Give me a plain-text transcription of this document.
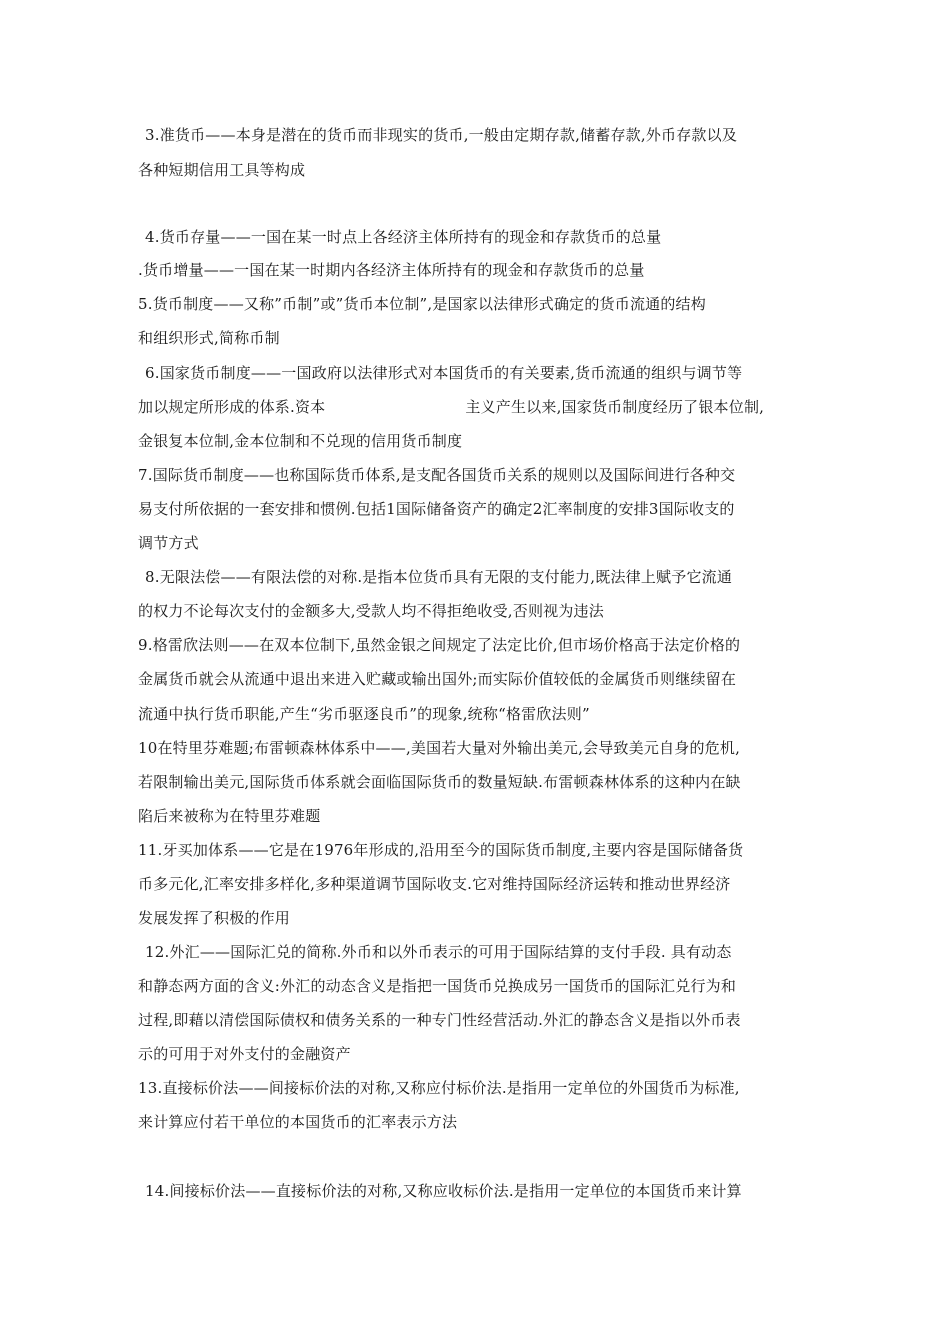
3.准货币——本身是潜在的货币而非现实的货币,一般由定期存款,储蓄存款,外币存款以及
各种短期信用工具等构成
4.货币存量——一国在某一时点上各经济主体所持有的现金和存款货币的总量
.货币增量——一国在某一时期内各经济主体所持有的现金和存款货币的总量
5.货币制度——又称”币制”或”货币本位制”,是国家以法律形式确定的货币流通的结构
和组织形式,简称币制
6.国家货币制度——一国政府以法律形式对本国货币的有关要素,货币流通的组织与调节等
加以规定所形成的体系.资本	主义产生以来,国家货币制度经历了银本位制,
金银复本位制,金本位制和不兑现的信用货币制度
7.国际货币制度——也称国际货币体系,是支配各国货币关系的规则以及国际间进行各种交
易支付所依据的一套安排和惯例.包括1国际储备资产的确定2汇率制度的安排3国际收支的
调节方式
8.无限法偿——有限法偿的对称.是指本位货币具有无限的支付能力,既法律上赋予它流通
的权力不论每次支付的金额多大,受款人均不得拒绝收受,否则视为违法
9.格雷欣法则——在双本位制下,虽然金银之间规定了法定比价,但市场价格高于法定价格的
金属货币就会从流通中退出来进入贮藏或输出国外;而实际价值较低的金属货币则继续留在
流通中执行货币职能,产生“劣币驱逐良币”的现象,统称“格雷欣法则”
10在特里芬难题;布雷顿森林体系中——,美国若大量对外输出美元,会导致美元自身的危机,
若限制输出美元,国际货币体系就会面临国际货币的数量短缺.布雷顿森林体系的这种内在缺
陷后来被称为在特里芬难题
11.牙买加体系——它是在1976年形成的,沿用至今的国际货币制度,主要内容是国际储备货
币多元化,汇率安排多样化,多种渠道调节国际收支.它对维持国际经济运转和推动世界经济
发展发挥了积极的作用
12.外汇——国际汇兑的简称.外币和以外币表示的可用于国际结算的支付手段. 具有动态
和静态两方面的含义:外汇的动态含义是指把一国货币兑换成另一国货币的国际汇兑行为和
过程,即藉以清偿国际债权和债务关系的一种专门性经营活动.外汇的静态含义是指以外币表
示的可用于对外支付的金融资产
13.直接标价法——间接标价法的对称,又称应付标价法.是指用一定单位的外国货币为标准,
来计算应付若干单位的本国货币的汇率表示方法
14.间接标价法——直接标价法的对称,又称应收标价法.是指用一定单位的本国货币来计算
